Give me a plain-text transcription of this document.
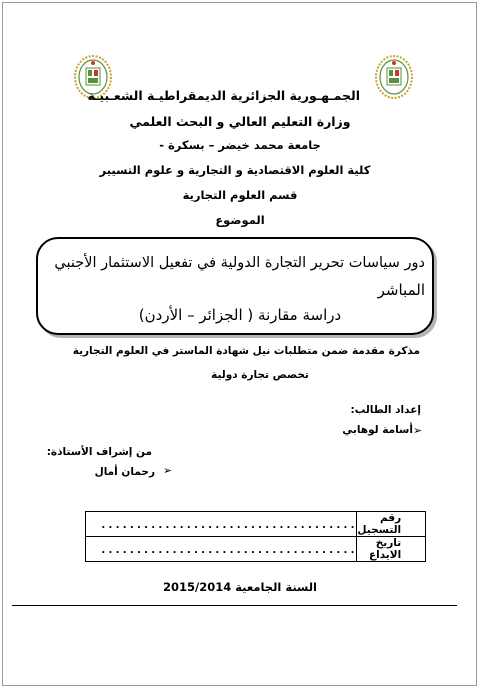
الجمـهـورية الجزائرية الديمقراطيـة الشعـبيـة
وزارة التعليم العالي و البحث العلمي
جامعة محمد خيضر – بسكرة -
كلية العلوم الاقتصادية و التجارية و علوم التسيير
قسم العلوم التجارية
الموضوع
دور سياسات تحرير التجارة الدولية في تفعيل الاستثمار الأجنبي
المباشر
دراسة مقارنة ( الجزائر – الأردن)
مذكرة مقدمة ضمن متطلبات نيل شهادة الماستر في العلوم التجارية
تخصص تجارة دولية
إعداد الطالب:
➢
أسامة لوهابي
من إشراف الأستاذة:
➢
رحمان أمال
....................................	رقم التسجيل
....................................	تاريخ الايداع
السنة الجامعية 2015/2014
